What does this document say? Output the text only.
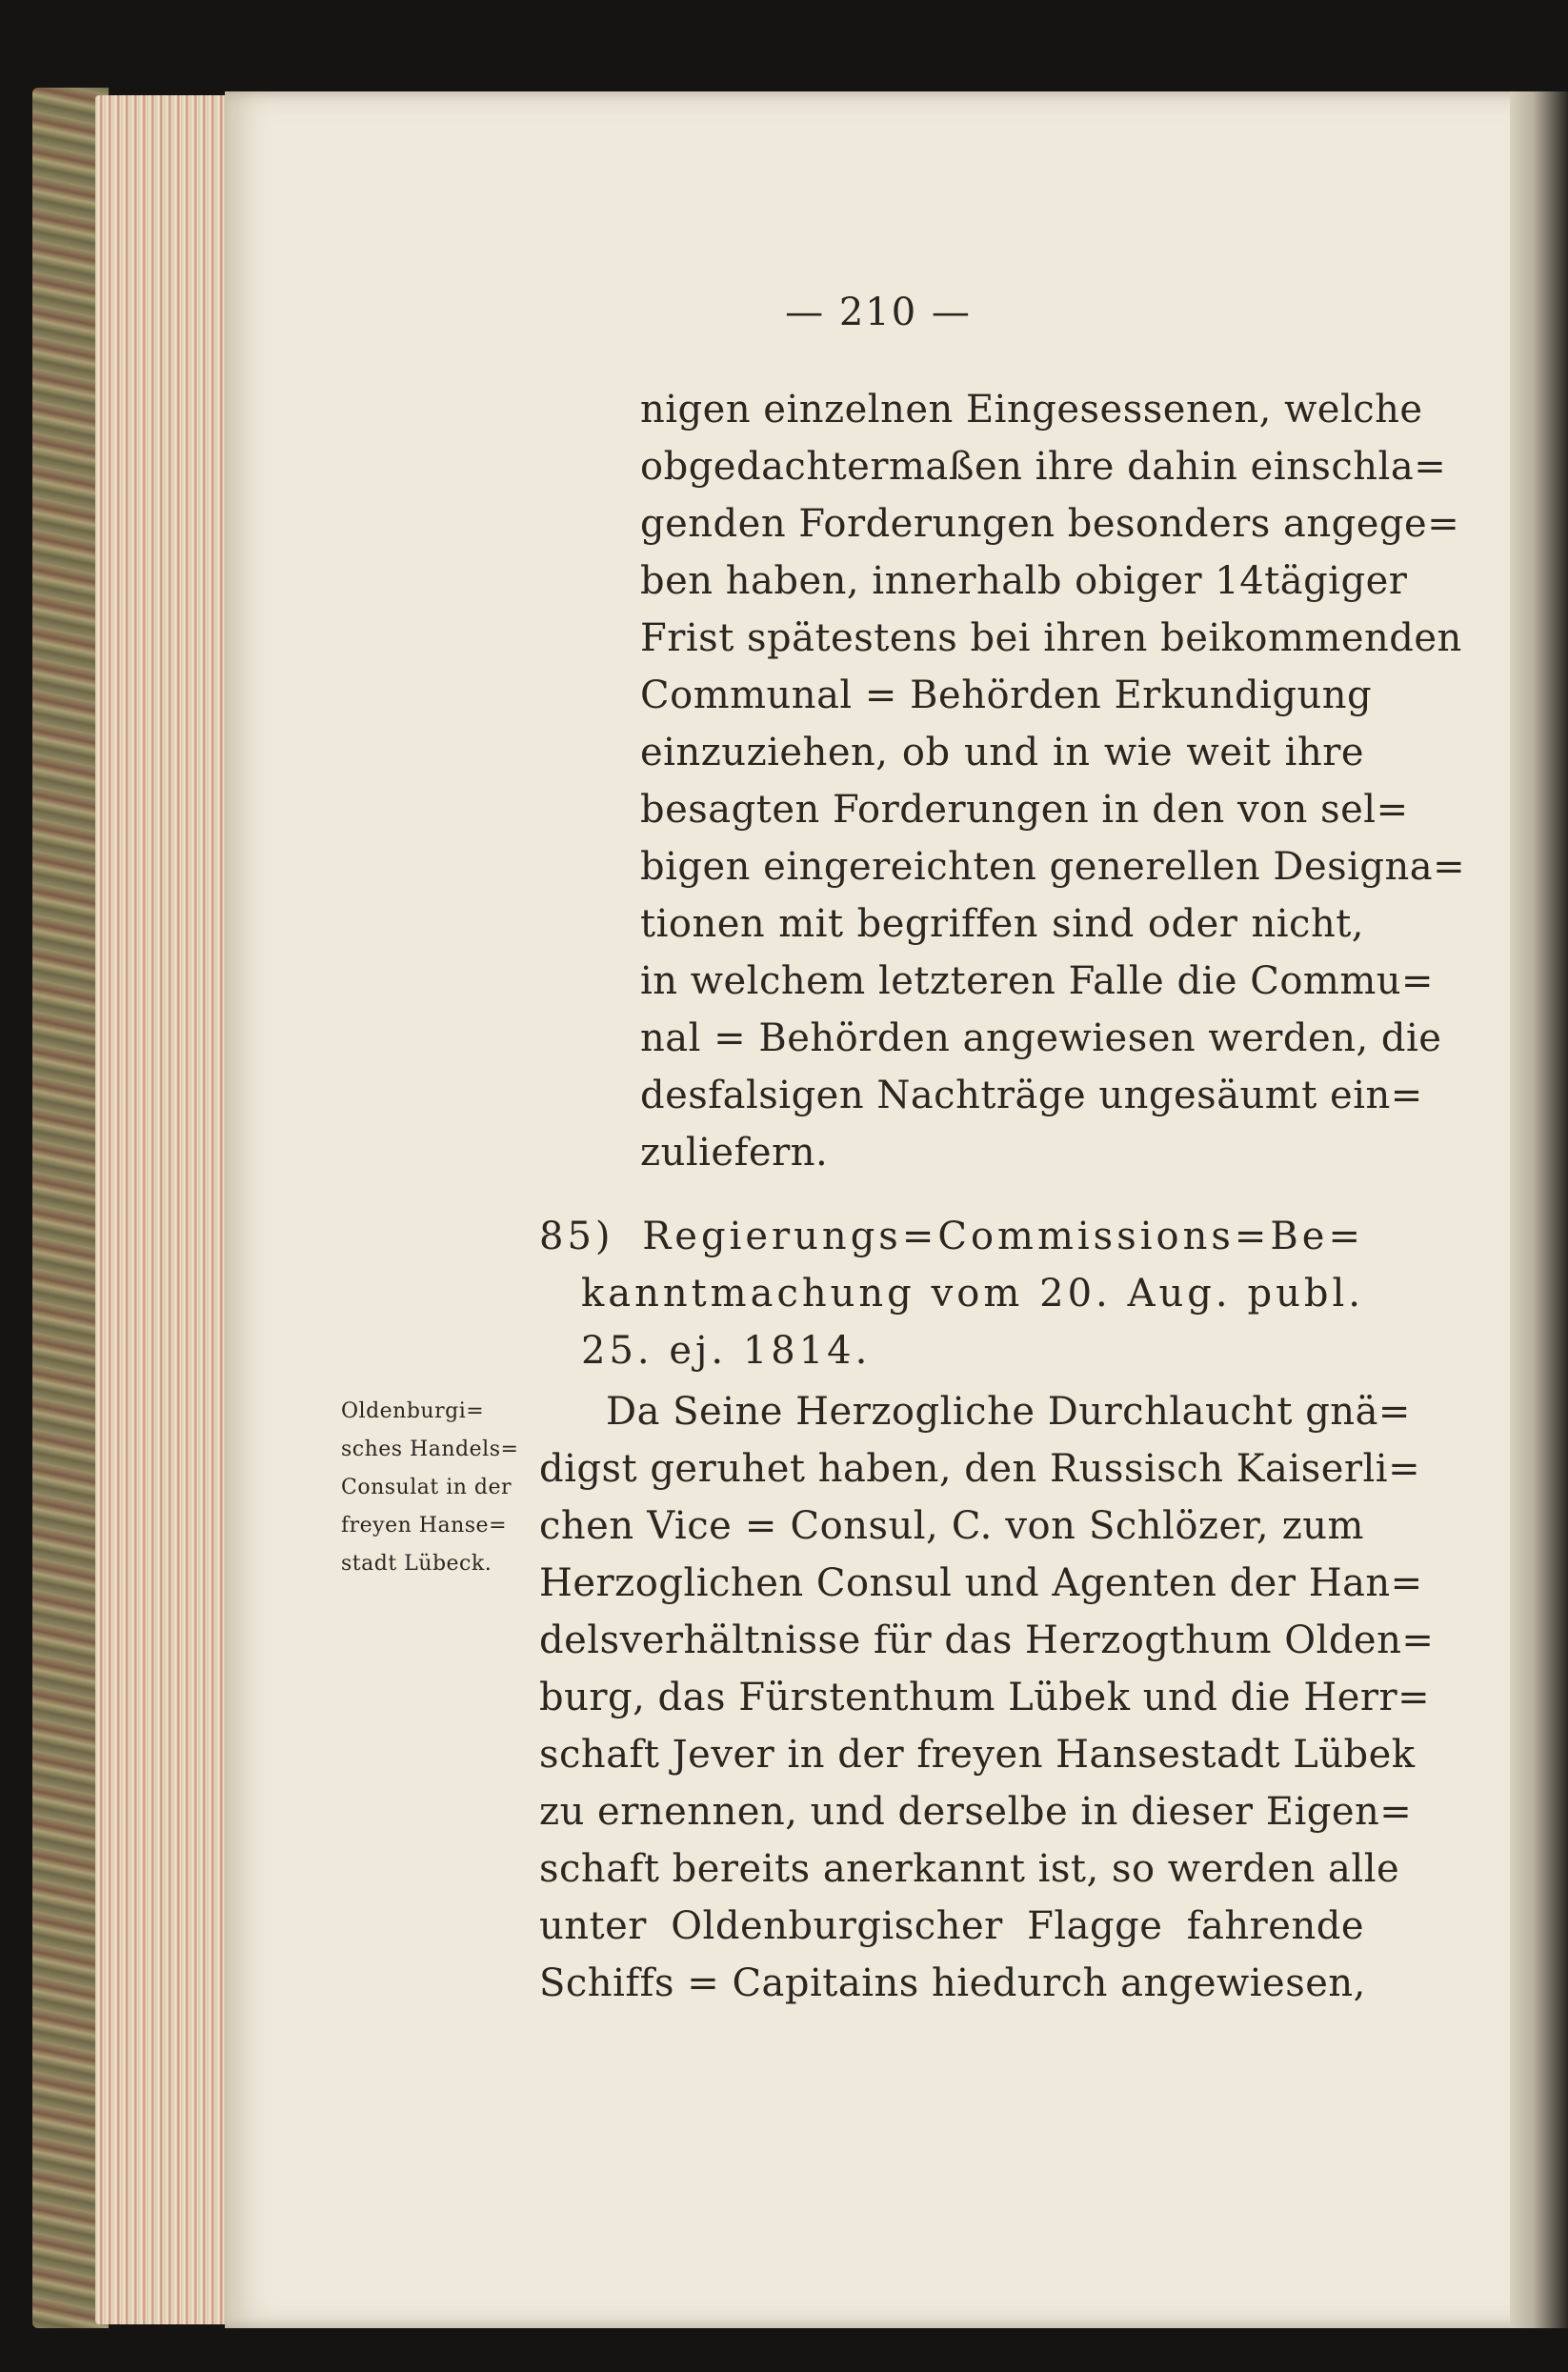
— 210 —
nigen einzelnen Eingesessenen, welche
obgedachtermaßen ihre dahin einschla=
genden Forderungen besonders angege=
ben haben, innerhalb obiger 14tägiger
Frist spätestens bei ihren beikommenden
Communal = Behörden Erkundigung
einzuziehen, ob und in wie weit ihre
besagten Forderungen in den von sel=
bigen eingereichten generellen Designa=
tionen mit begriffen sind oder nicht,
in welchem letzteren Falle die Commu=
nal = Behörden angewiesen werden, die
desfalsigen Nachträge ungesäumt ein=
zuliefern.
85) Regierungs=Commissions=Be=
kanntmachung vom 20. Aug. publ.
25. ej. 1814.
Oldenburgi=
sches Handels=
Consulat in der
freyen Hanse=
stadt Lübeck.
Da Seine Herzogliche Durchlaucht gnä=
digst geruhet haben, den Russisch Kaiserli=
chen Vice = Consul, C. von Schlözer, zum
Herzoglichen Consul und Agenten der Han=
delsverhältnisse für das Herzogthum Olden=
burg, das Fürstenthum Lübek und die Herr=
schaft Jever in der freyen Hansestadt Lübek
zu ernennen, und derselbe in dieser Eigen=
schaft bereits anerkannt ist, so werden alle
unter Oldenburgischer Flagge fahrende
Schiffs = Capitains hiedurch angewiesen,
